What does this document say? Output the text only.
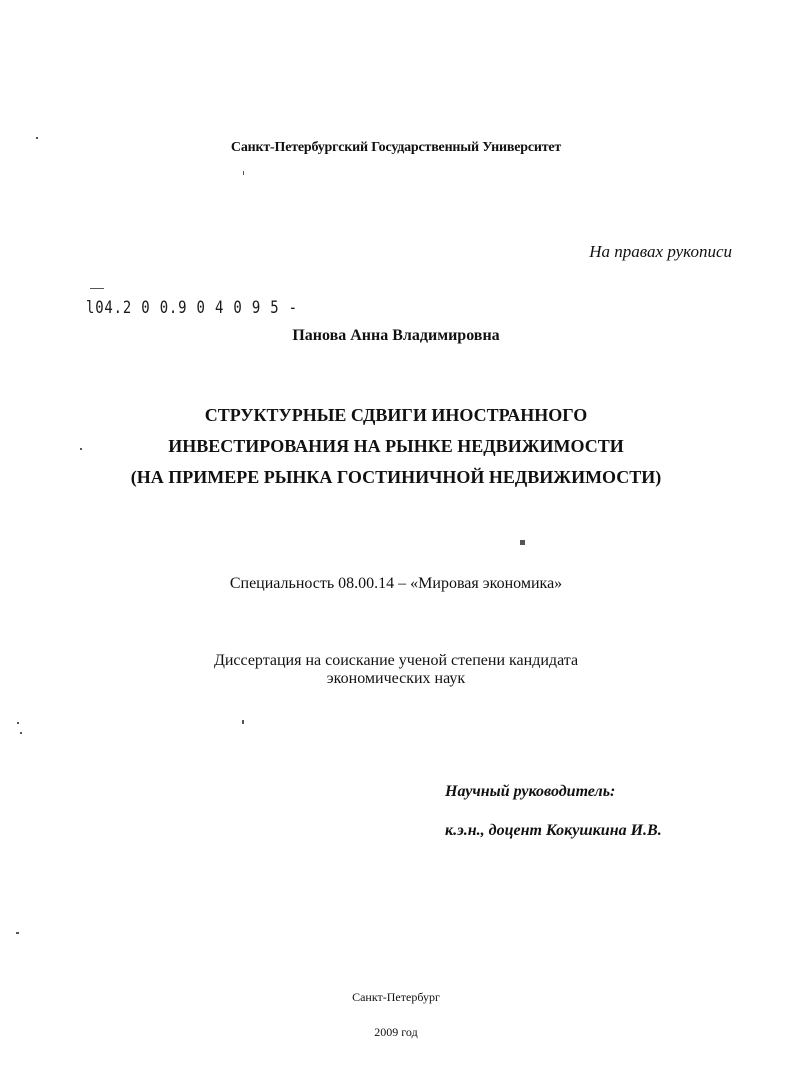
Санкт-Петербургский Государственный Университет
На правах рукописи
l04.2 0 0.9 0 4 0 9 5 -
Панова Анна Владимировна
СТРУКТУРНЫЕ СДВИГИ ИНОСТРАННОГО
ИНВЕСТИРОВАНИЯ НА РЫНКЕ НЕДВИЖИМОСТИ
(НА ПРИМЕРЕ РЫНКА ГОСТИНИЧНОЙ НЕДВИЖИМОСТИ)
Специальность 08.00.14 – «Мировая экономика»
Диссертация на соискание ученой степени кандидата
экономических наук
Научный руководитель:
к.э.н., доцент Кокушкина И.В.
Санкт-Петербург
2009 год
